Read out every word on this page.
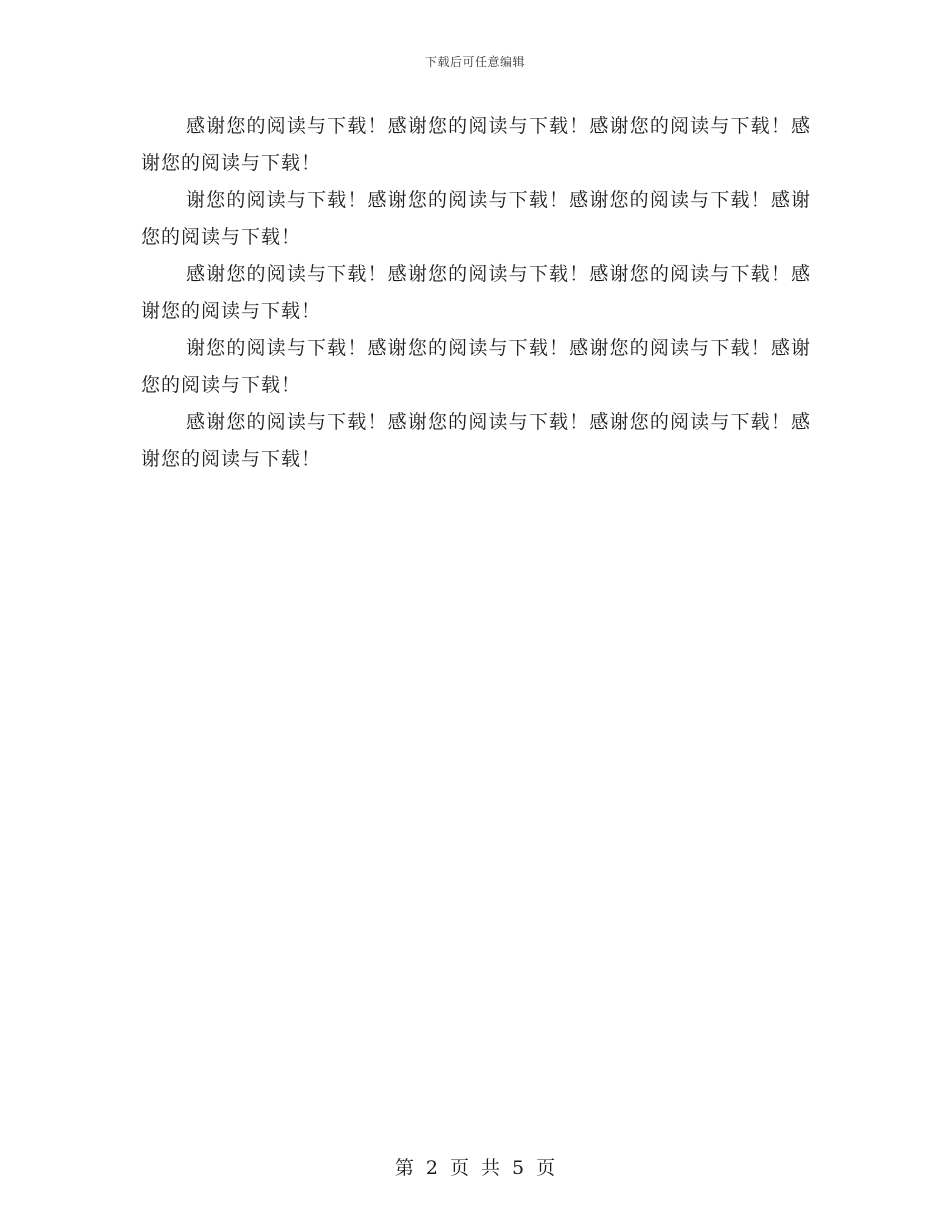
下载后可任意编辑

感谢您的阅读与下载！感谢您的阅读与下载！感谢您的阅读与下载！感谢您的阅读与下载！

谢您的阅读与下载！感谢您的阅读与下载！感谢您的阅读与下载！感谢您的阅读与下载！

感谢您的阅读与下载！感谢您的阅读与下载！感谢您的阅读与下载！感谢您的阅读与下载！

谢您的阅读与下载！感谢您的阅读与下载！感谢您的阅读与下载！感谢您的阅读与下载！

感谢您的阅读与下载！感谢您的阅读与下载！感谢您的阅读与下载！感谢您的阅读与下载！

第 2 页 共 5 页
